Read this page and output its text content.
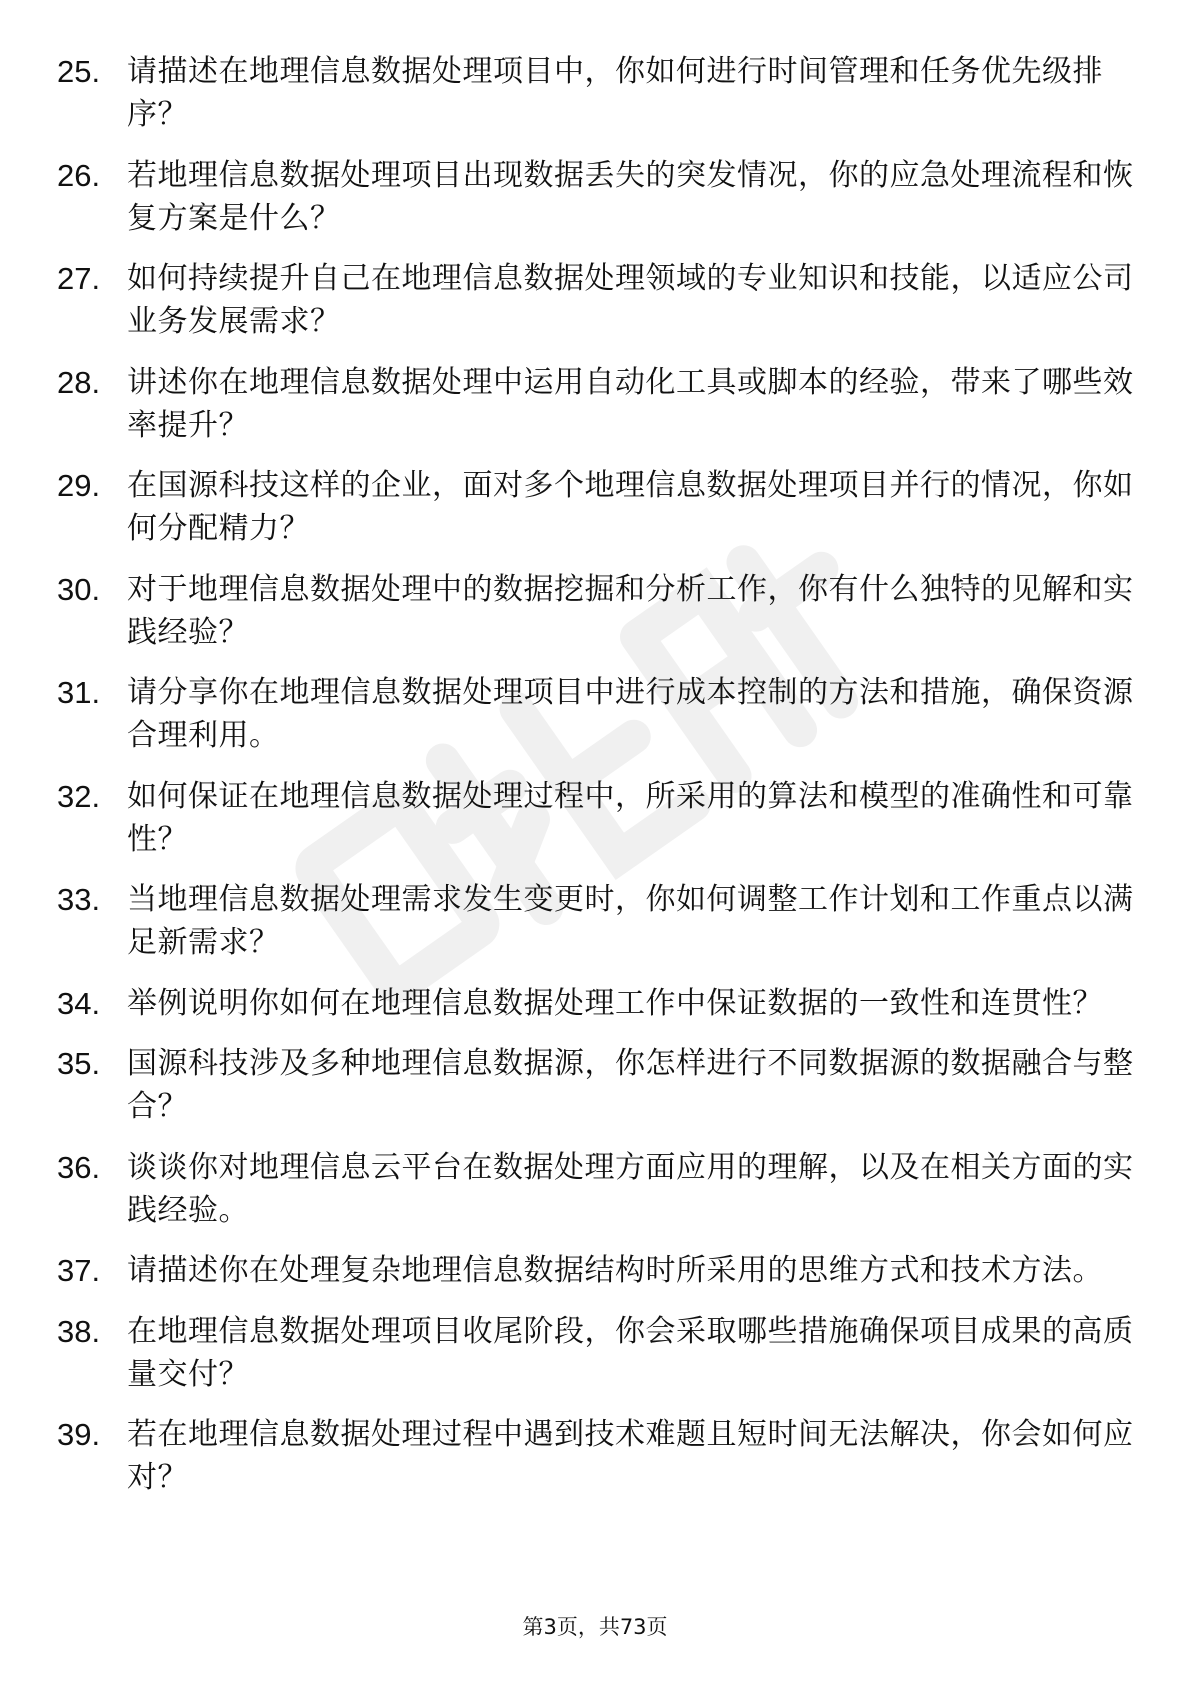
25. 请描述在地理信息数据处理项目中，你如何进行时间管理和任务优先级排序？
26. 若地理信息数据处理项目出现数据丢失的突发情况，你的应急处理流程和恢复方案是什么？
27. 如何持续提升自己在地理信息数据处理领域的专业知识和技能，以适应公司业务发展需求？
28. 讲述你在地理信息数据处理中运用自动化工具或脚本的经验，带来了哪些效率提升？
29. 在国源科技这样的企业，面对多个地理信息数据处理项目并行的情况，你如何分配精力？
30. 对于地理信息数据处理中的数据挖掘和分析工作，你有什么独特的见解和实践经验？
31. 请分享你在地理信息数据处理项目中进行成本控制的方法和措施，确保资源合理利用。
32. 如何保证在地理信息数据处理过程中，所采用的算法和模型的准确性和可靠性？
33. 当地理信息数据处理需求发生变更时，你如何调整工作计划和工作重点以满足新需求？
34. 举例说明你如何在地理信息数据处理工作中保证数据的一致性和连贯性？
35. 国源科技涉及多种地理信息数据源，你怎样进行不同数据源的数据融合与整合？
36. 谈谈你对地理信息云平台在数据处理方面应用的理解，以及在相关方面的实践经验。
37. 请描述你在处理复杂地理信息数据结构时所采用的思维方式和技术方法。
38. 在地理信息数据处理项目收尾阶段，你会采取哪些措施确保项目成果的高质量交付？
39. 若在地理信息数据处理过程中遇到技术难题且短时间无法解决，你会如何应对？
第3页，共73页
